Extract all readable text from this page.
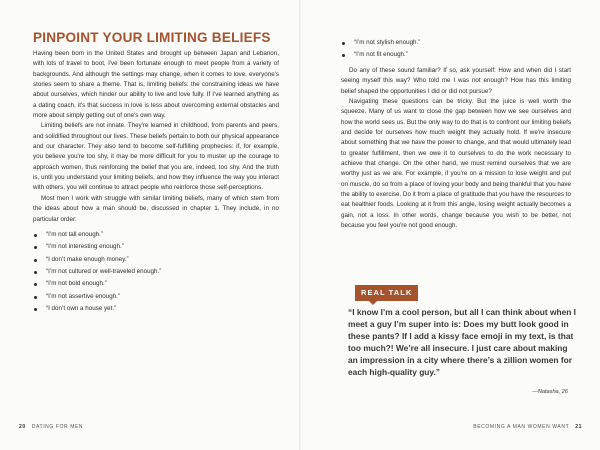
PINPOINT YOUR LIMITING BELIEFS

Having been born in the United States and brought up between Japan and Lebanon, with lots of travel to boot, I've been fortunate enough to meet people from a variety of backgrounds. And although the settings may change, when it comes to love, everyone's stories seem to share a theme. That is, limiting beliefs: the constraining ideas we have about ourselves, which hinder our ability to live and love fully. If I've learned anything as a dating coach, it's that success in love is less about overcoming external obstacles and more about simply getting out of one's own way.

Limiting beliefs are not innate. They're learned in childhood, from parents and peers, and solidified throughout our lives. These beliefs pertain to both our physical appearance and our character. They also tend to become self-fulfilling prophecies: if, for example, you believe you're too shy, it may be more difficult for you to muster up the courage to approach women, thus reinforcing the belief that you are, indeed, too shy. And the truth is, until you understand your limiting beliefs, and how they influence the way you interact with others, you will continue to attract people who reinforce those self-perceptions.

Most men I work with struggle with similar limiting beliefs, many of which stem from the ideas about how a man should be, discussed in chapter 1. They include, in no particular order:

“I’m not tall enough.”
“I’m not interesting enough.”
“I don’t make enough money.”
“I’m not cultured or well-traveled enough.”
“I’m not bold enough.”
“I’m not assertive enough.”
“I don’t own a house yet.”
20 DATING FOR MEN
“I’m not stylish enough.”
“I’m not fit enough.”

Do any of these sound familiar? If so, ask yourself: How and when did I start seeing myself this way? Who told me I was not enough? How has this limiting belief shaped the opportunities I did or did not pursue?

Navigating these questions can be tricky. But the juice is well worth the squeeze. Many of us want to close the gap between how we see ourselves and how the world sees us. But the only way to do that is to confront our limiting beliefs and decide for ourselves how much weight they actually hold. If we're insecure about something that we have the power to change, and that would ultimately lead to greater fulfillment, then we owe it to ourselves to do the work necessary to achieve that change. On the other hand, we must remind ourselves that we are worthy just as we are. For example, if you're on a mission to lose weight and put on muscle, do so from a place of loving your body and being thankful that you have the ability to exercise. Do it from a place of gratitude that you have the resources to eat healthier foods. Looking at it from this angle, losing weight actually becomes a gain, not a loss. In other words, change because you wish to be better, not because you feel you're not good enough.

REAL TALK
“I know I’m a cool person, but all I can think about when I meet a guy I’m super into is: Does my butt look good in these pants? If I add a kissy face emoji in my text, is that too much?! We’re all insecure. I just care about making an impression in a city where there’s a zillion women for each high-quality guy.”
—Natasha, 26
BECOMING A MAN WOMEN WANT 21
